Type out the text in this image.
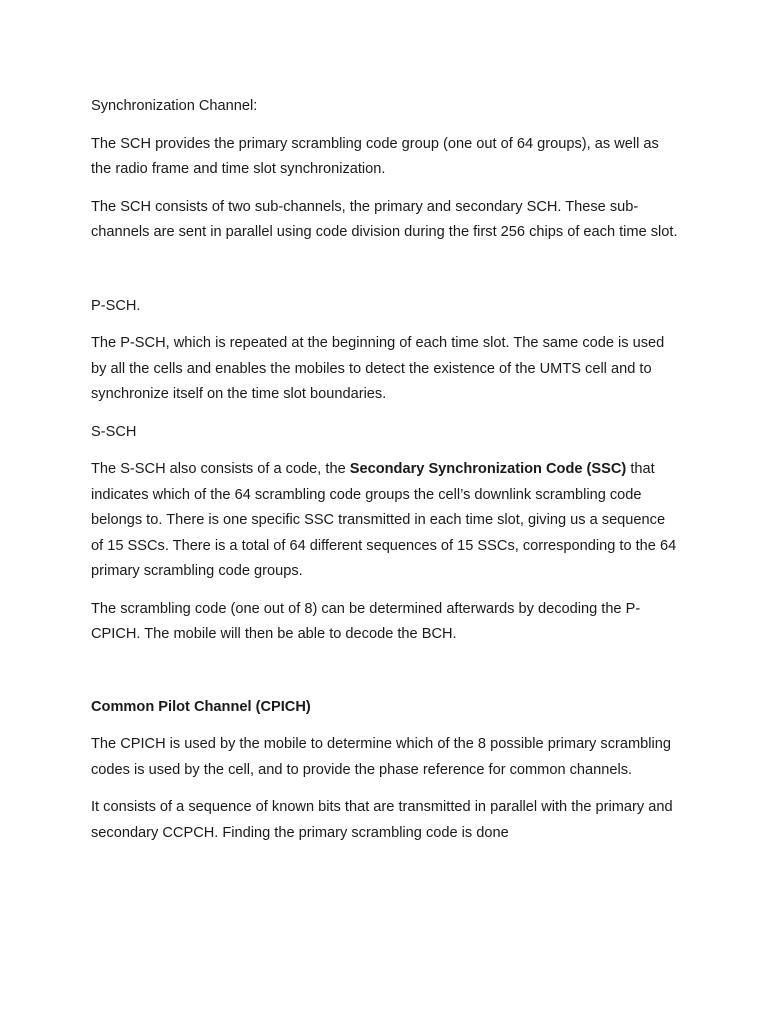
Synchronization Channel:

The SCH provides the primary scrambling code group (one out of 64 groups), as well as the radio frame and time slot synchronization.

The SCH consists of two sub-channels, the primary and secondary SCH. These sub-channels are sent in parallel using code division during the first 256 chips of each time slot.

P-SCH.

The P-SCH, which is repeated at the beginning of each time slot. The same code is used by all the cells and enables the mobiles to detect the existence of the UMTS cell and to synchronize itself on the time slot boundaries.

S-SCH

The S-SCH also consists of a code, the Secondary Synchronization Code (SSC) that indicates which of the 64 scrambling code groups the cell’s downlink scrambling code belongs to. There is one specific SSC transmitted in each time slot, giving us a sequence of 15 SSCs. There is a total of 64 different sequences of 15 SSCs, corresponding to the 64 primary scrambling code groups.

The scrambling code (one out of 8) can be determined afterwards by decoding the P-CPICH. The mobile will then be able to decode the BCH.

Common Pilot Channel (CPICH)

The CPICH is used by the mobile to determine which of the 8 possible primary scrambling codes is used by the cell, and to provide the phase reference for common channels.

It consists of a sequence of known bits that are transmitted in parallel with the primary and secondary CCPCH. Finding the primary scrambling code is done
